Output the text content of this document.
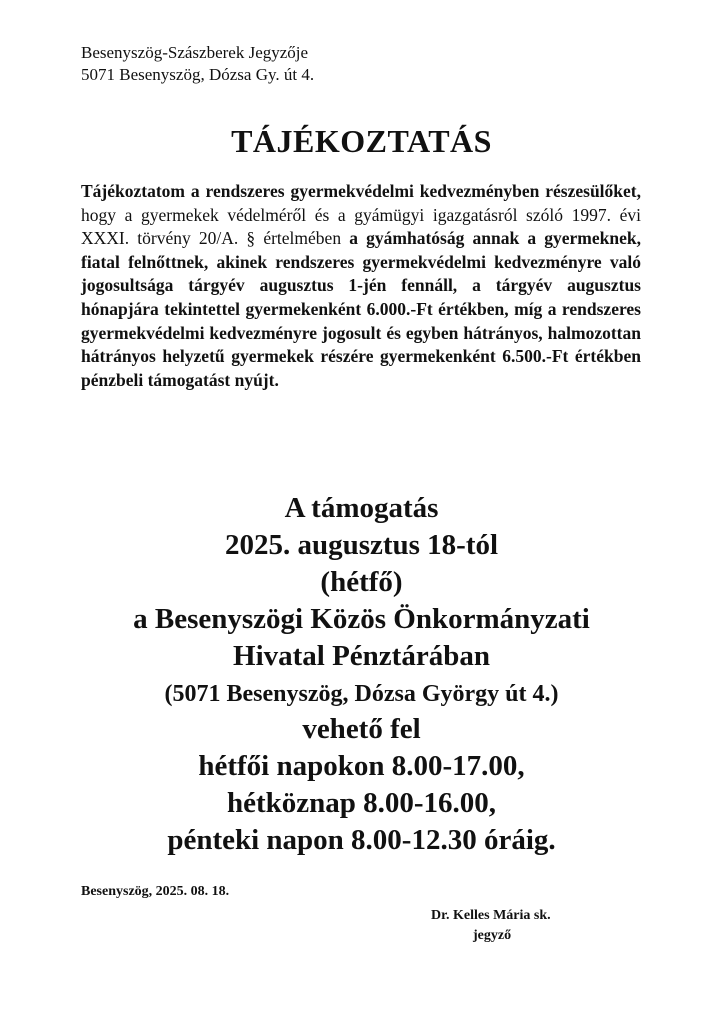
Besenyszög-Szászberek Jegyzője
5071 Besenyszög, Dózsa Gy. út 4.
TÁJÉKOZTATÁS
Tájékoztatom a rendszeres gyermekvédelmi kedvezményben részesülőket, hogy a gyermekek védelméről és a gyámügyi igazgatásról szóló 1997. évi XXXI. törvény 20/A. § értelmében a gyámhatóság annak a gyermeknek, fiatal felnőttnek, akinek rendszeres gyermekvédelmi kedvezményre való jogosultsága tárgyév augusztus 1-jén fennáll, a tárgyév augusztus hónapjára tekintettel gyermekenként 6.000.-Ft értékben, míg a rendszeres gyermekvédelmi kedvezményre jogosult és egyben hátrányos, halmozottan hátrányos helyzetű gyermekek részére gyermekenként 6.500.-Ft értékben pénzbeli támogatást nyújt.
A támogatás
2025. augusztus 18-tól
(hétfő)
a Besenyszögi Közös Önkormányzati
Hivatal Pénztárában
(5071 Besenyszög, Dózsa György út 4.)
vehető fel
hétfői napokon 8.00-17.00,
hétköznap 8.00-16.00,
pénteki napon 8.00-12.30 óráig.
Besenyszög, 2025. 08. 18.
Dr. Kelles Mária sk.
jegyző
